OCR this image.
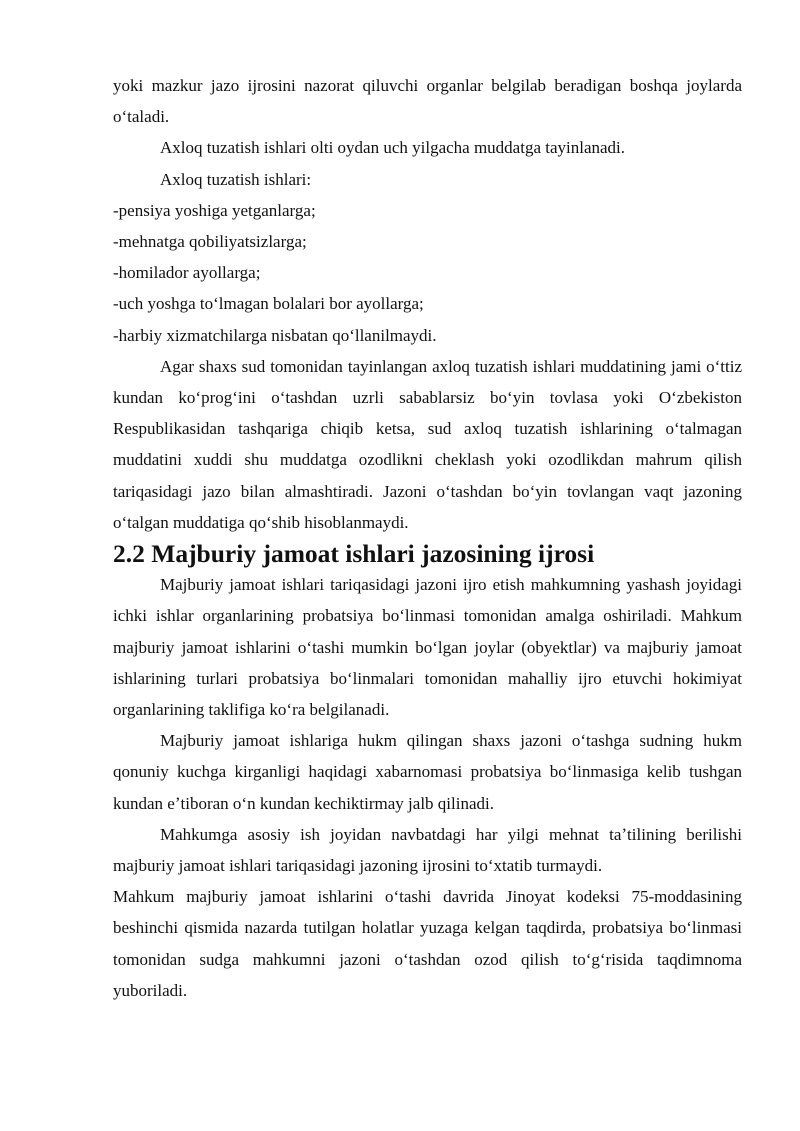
yoki mazkur jazo ijrosini nazorat qiluvchi organlar belgilab beradigan boshqa joylarda oʻtaladi.

Axloq tuzatish ishlari olti oydan uch yilgacha muddatga tayinlanadi.

Axloq tuzatish ishlari:

-pensiya yoshiga yetganlarga;

-mehnatga qobiliyatsizlarga;

-homilador ayollarga;

-uch yoshga toʻlmagan bolalari bor ayollarga;

-harbiy xizmatchilarga nisbatan qoʻllanilmaydi.

Agar shaxs sud tomonidan tayinlangan axloq tuzatish ishlari muddatining jami oʻttiz kundan koʻprogʻini oʻtashdan uzrli sabablarsiz boʻyin tovlasa yoki Oʻzbekiston Respublikasidan tashqariga chiqib ketsa, sud axloq tuzatish ishlarining oʻtalmagan muddatini xuddi shu muddatga ozodlikni cheklash yoki ozodlikdan mahrum qilish tariqasidagi jazo bilan almashtiradi. Jazoni oʻtashdan boʻyin tovlangan vaqt jazoning oʻtalgan muddatiga qoʻshib hisoblanmaydi.

2.2 Majburiy jamoat ishlari jazosining ijrosi

Majburiy jamoat ishlari tariqasidagi jazoni ijro etish mahkumning yashash joyidagi ichki ishlar organlarining probatsiya boʻlinmasi tomonidan amalga oshiriladi. Mahkum majburiy jamoat ishlarini oʻtashi mumkin boʻlgan joylar (obyektlar) va majburiy jamoat ishlarining turlari probatsiya boʻlinmalari tomonidan mahalliy ijro etuvchi hokimiyat organlarining taklifiga koʻra belgilanadi.

Majburiy jamoat ishlariga hukm qilingan shaxs jazoni oʻtashga sudning hukm qonuniy kuchga kirganligi haqidagi xabarnomasi probatsiya boʻlinmasiga kelib tushgan kundan eʼtiboran oʻn kundan kechiktirmay jalb qilinadi.

Mahkumga asosiy ish joyidan navbatdagi har yilgi mehnat taʼtilining berilishi majburiy jamoat ishlari tariqasidagi jazoning ijrosini toʻxtatib turmaydi.

Mahkum majburiy jamoat ishlarini oʻtashi davrida Jinoyat kodeksi 75-moddasining beshinchi qismida nazarda tutilgan holatlar yuzaga kelgan taqdirda, probatsiya boʻlinmasi tomonidan sudga mahkumni jazoni oʻtashdan ozod qilish toʻgʻrisida taqdimnoma yuboriladi.
